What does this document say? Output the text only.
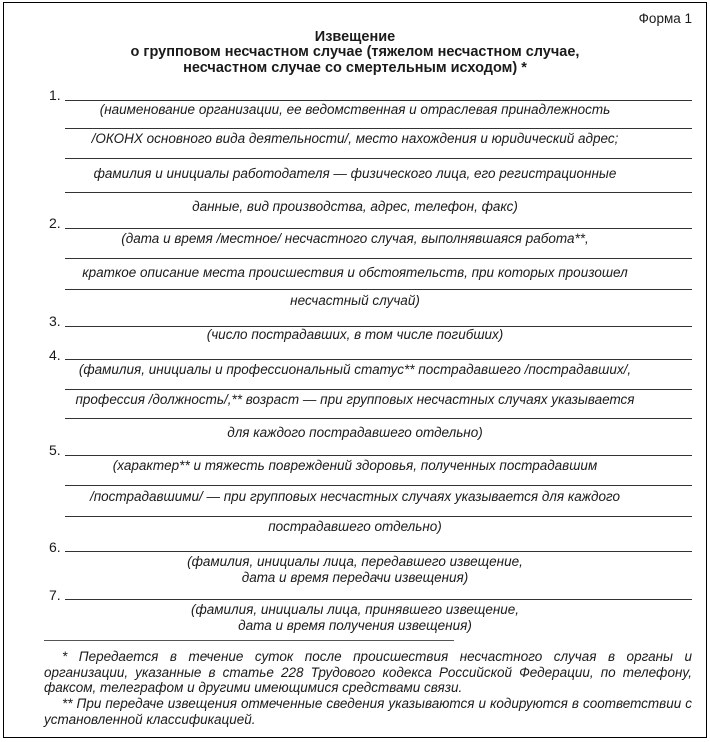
Форма 1
Извещение
о групповом несчастном случае (тяжелом несчастном случае,
несчастном случае со смертельным исходом) *
1.
(наименование организации, ее ведомственная и отраслевая принадлежность
/ОКОНХ основного вида деятельности/, место нахождения и юридический адрес;
фамилия и инициалы работодателя — физического лица, его регистрационные
данные, вид производства, адрес, телефон, факс)
2.
(дата и время /местное/ несчастного случая, выполнявшаяся работа**,
краткое описание места происшествия и обстоятельств, при которых произошел
несчастный случай)
3.
(число пострадавших, в том числе погибших)
4.
(фамилия, инициалы и профессиональный статус** пострадавшего /пострадавших/,
профессия /должность/,** возраст — при групповых несчастных случаях указывается
для каждого пострадавшего отдельно)
5.
(характер** и тяжесть повреждений здоровья, полученных пострадавшим
/пострадавшими/ — при групповых несчастных случаях указывается для каждого
пострадавшего отдельно)
6.
(фамилия, инициалы лица, передавшего извещение,
дата и время передачи извещения)
7.
(фамилия, инициалы лица, принявшего извещение,
дата и время получения извещения)
* Передается в течение суток после происшествия несчастного случая в органы и организации, указанные в статье 228 Трудового кодекса Российской Федерации, по телефону, факсом, телеграфом и другими имеющимися средствами связи.
** При передаче извещения отмеченные сведения указываются и кодируются в соответствии с установленной классификацией.
